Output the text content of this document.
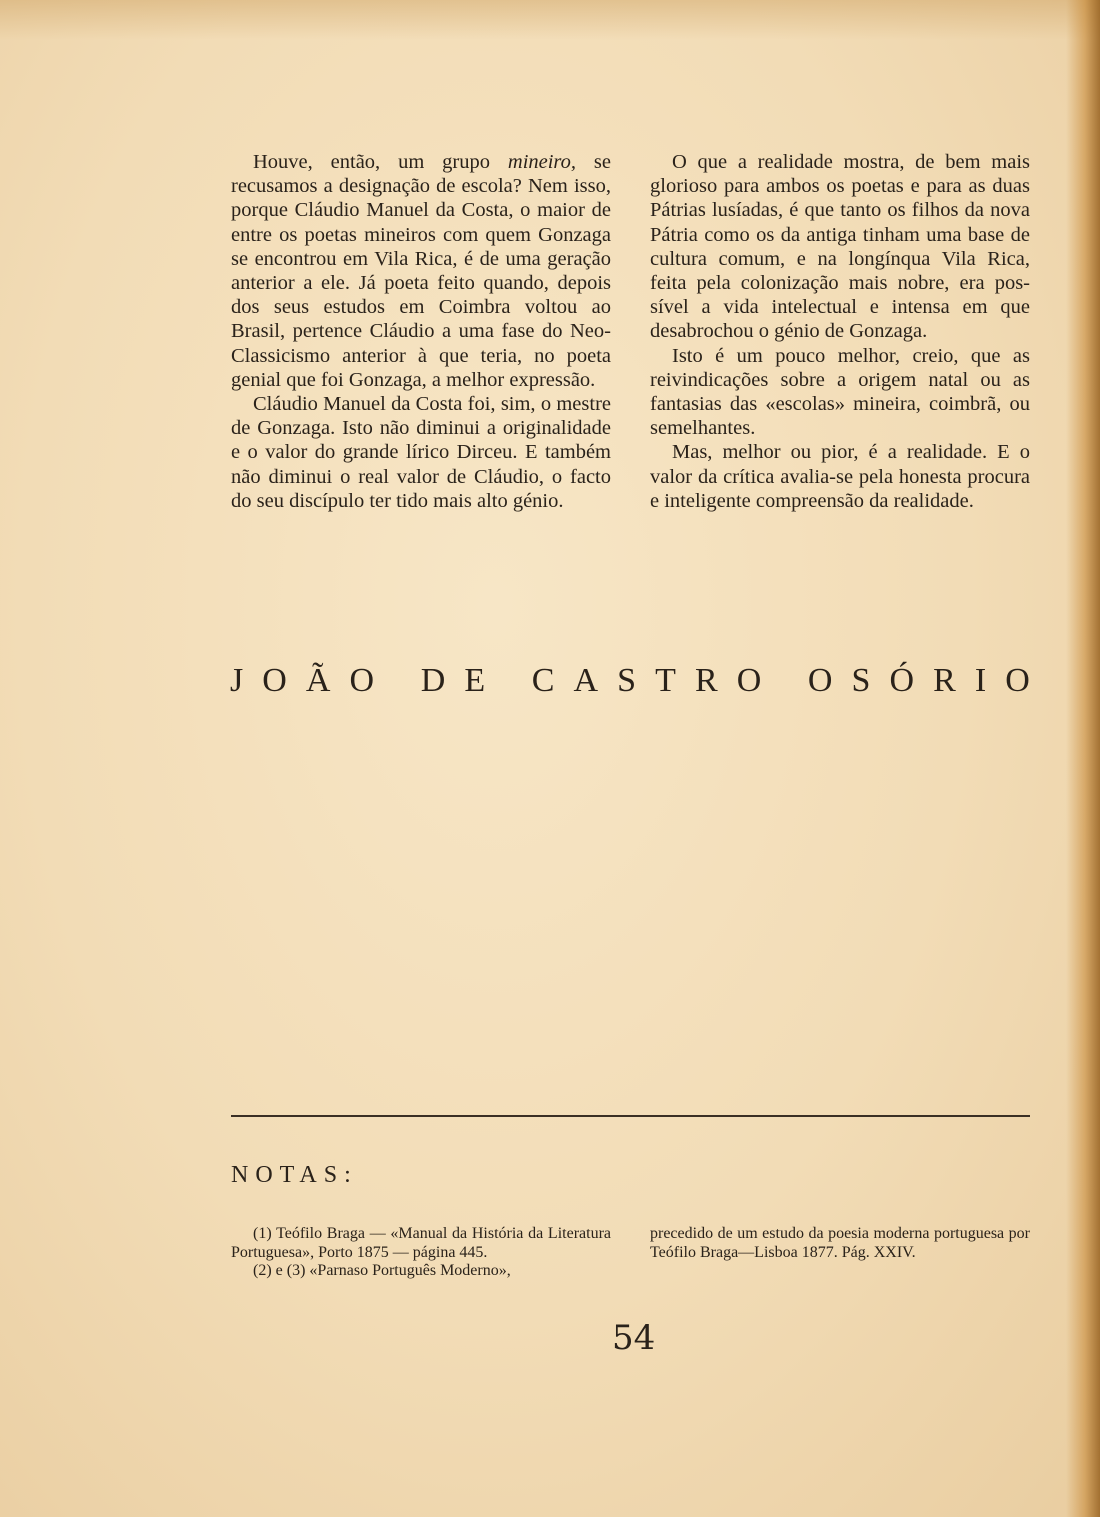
Houve, então, um grupo mineiro, se recusamos a designação de escola? Nem isso, porque Cláudio Manuel da Costa, o maior de entre os poetas mineiros com quem Gonzaga se encontrou em Vila Rica, é de uma geração anterior a ele. Já poeta feito quando, depois dos seus estudos em Coimbra voltou ao Brasil, pertence Cláudio a uma fase do Neo-Classicismo anterior à que teria, no poeta genial que foi Gonzaga, a melhor expressão.

Cláudio Manuel da Costa foi, sim, o mestre de Gonzaga. Isto não diminui a originalidade e o valor do grande lírico Dirceu. E também não diminui o real valor de Cláudio, o facto do seu discípulo ter tido mais alto génio.

O que a realidade mostra, de bem mais glorioso para ambos os poetas e para as duas Pátrias lusíadas, é que tanto os filhos da nova Pátria como os da antiga tinham uma base de cultura comum, e na longínqua Vila Rica, feita pela colonização mais nobre, era possível a vida intelectual e intensa em que desabrochou o génio de Gonzaga.

Isto é um pouco melhor, creio, que as reivindicações sobre a origem natal ou as fantasias das «escolas» mineira, coimbrã, ou semelhantes.

Mas, melhor ou pior, é a realidade. E o valor da crítica avalia-se pela honesta procura e inteligente compreensão da realidade.

J O Ã O
D E
C A S T R O
O S Ó R I O
NOTAS:

(1) Teófilo Braga — «Manual da História da Literatura Portuguesa», Porto 1875 — página 445.

(2) e (3) «Parnaso Português Moderno»,

precedido de um estudo da poesia moderna portuguesa por Teófilo Braga—Lisboa 1877. Pág. XXIV.

54
